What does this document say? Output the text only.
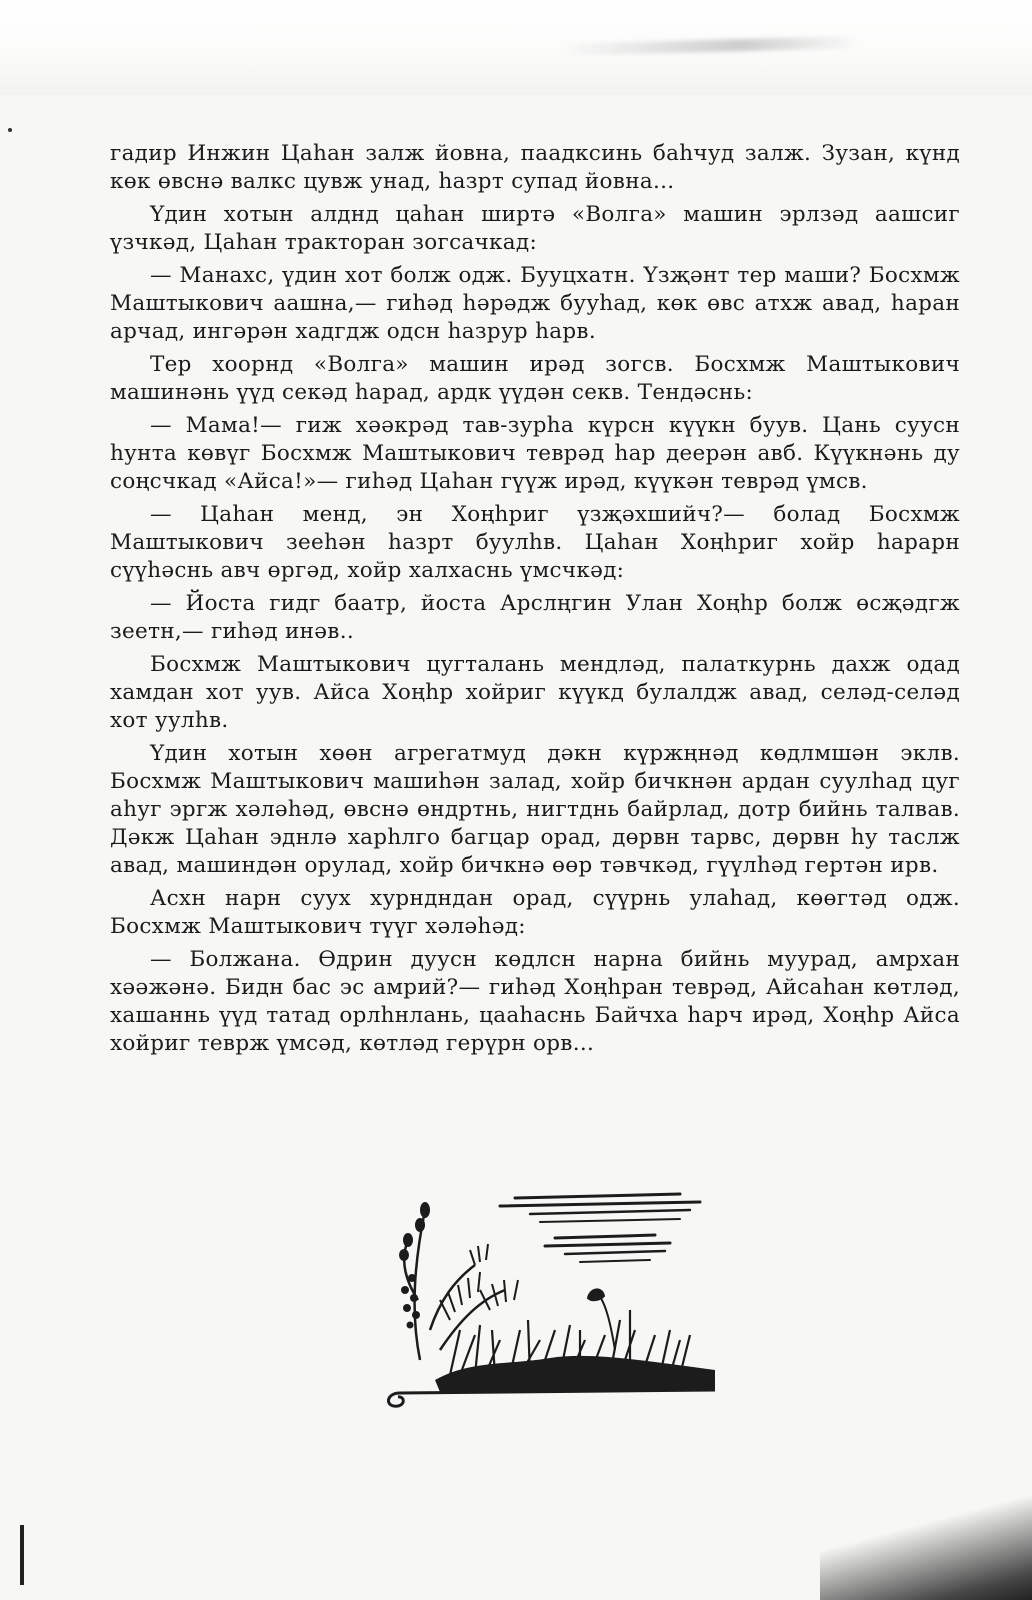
гадир Инжин Цаһан залж йовна, паадксинь баһчуд залж. Зузан, күнд көк өвснә валкс цувж унад, һазрт супад йовна...

Үдин хотын алднд цаһан ширтә «Волга» машин эрлзәд аашсиг үзчкәд, Цаһан тракторан зогсачкад:

— Манахс, үдин хот болж одж. Бууцхатн. Үзҗәнт тер маши? Босхмж Маштыкович аашна,— гиһәд һәрәдж бууһад, көк өвс атхж авад, һаран арчад, ингәрән хадгдж одсн һазрур һарв.

Тер хоорнд «Волга» машин ирәд зогсв. Босхмж Маштыкович машинәнь үүд секәд һарад, ардк үүдән секв. Тендәснь:

— Мама!— гиж хәәкрәд тав-зурһа күрсн күүкн буув. Цань суусн һунта көвүг Босхмж Маштыкович теврәд һар деерән авб. Күүкнәнь ду соңсчкад «Айса!»— гиһәд Цаһан гүүж ирәд, күүкән теврәд үмсв.

— Цаһан менд, эн Хоңһриг үзҗәхшийч?— болад Босхмж Маштыкович зееһән һазрт буулһв. Цаһан Хоңһриг хойр һарарн сүүһәснь авч өргәд, хойр халхаснь үмсчкәд:

— Йоста гидг баатр, йоста Арслңгин Улан Хоңһр болж өсҗәдгж зеетн,— гиһәд инәв..

Босхмж Маштыкович цугталань мендләд, палаткурнь дахж одад хамдан хот уув. Айса Хоңһр хойриг күүкд булалдж авад, селәд-селәд хот уулһв.

Үдин хотын хөөн агрегатмуд дәкн күржңнәд көдлмшән эклв. Босхмж Маштыкович машиһән залад, хойр бичкнән ардан суулһад цуг аһуг эргж хәләһәд, өвснә өндртнь, нигтднь байрлад, дотр бийнь талвав. Дәкж Цаһан эднлә харһлго багцар орад, дөрвн тарвс, дөрвн һу таслж авад, машиндән орулад, хойр бичкнә өөр тәвчкәд, гүүлһәд гертән ирв.

Асхн нарн суух хурндндан орад, сүүрнь улаһад, көөгтәд одж. Босхмж Маштыкович түүг хәләһәд:

— Болжана. Өдрин дуусн көдлсн нарна бийнь муурад, амрхан хәәжәнә. Бидн бас эс амрий?— гиһәд Хоңһран теврәд, Айсаһан көтләд, хашаннь үүд татад орлһнлань, цааһаснь Байчха һарч ирәд, Хоңһр Айса хойриг теврж үмсәд, көтләд герүрн орв...
